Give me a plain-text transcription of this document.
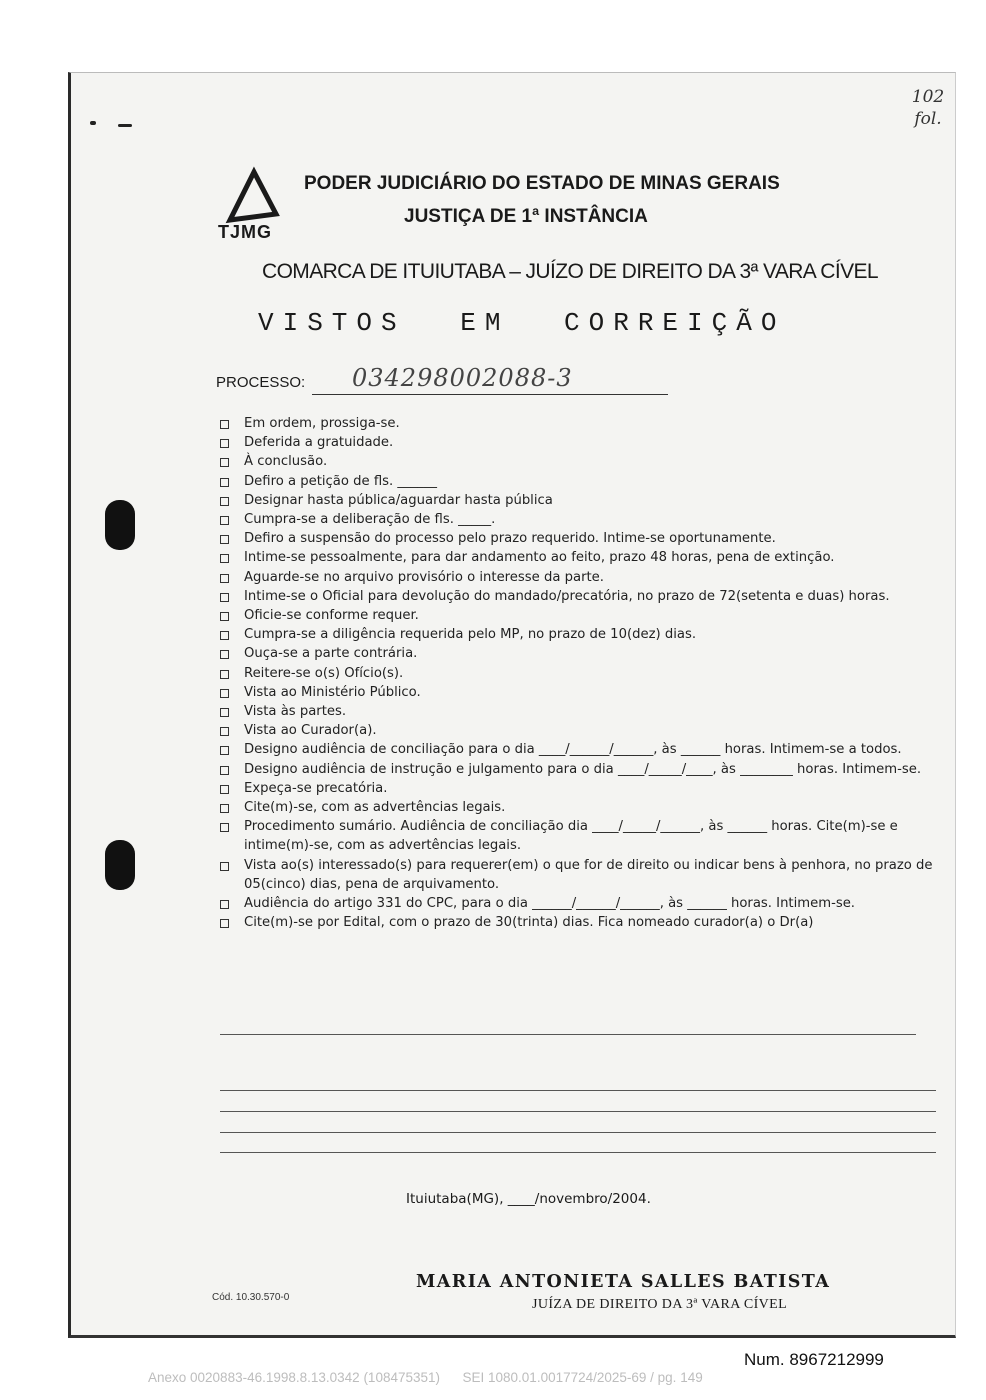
102
fol.
TJMG
PODER JUDICIÁRIO DO ESTADO DE MINAS GERAIS
JUSTIÇA DE 1ª INSTÂNCIA
COMARCA DE ITUIUTABA – JUÍZO DE DIREITO DA 3ª VARA CÍVEL
VISTOS EM CORREIÇÃO
PROCESSO: 034298002088-3
Em ordem, prossiga-se.
Deferida a gratuidade.
À conclusão.
Defiro a petição de fls. ______
Designar hasta pública/aguardar hasta pública
Cumpra-se a deliberação de fls. _____.
Defiro a suspensão do processo pelo prazo requerido. Intime-se oportunamente.
Intime-se pessoalmente, para dar andamento ao feito, prazo 48 horas, pena de extinção.
Aguarde-se no arquivo provisório o interesse da parte.
Intime-se o Oficial para devolução do mandado/precatória, no prazo de 72(setenta e duas) horas.
Oficie-se conforme requer.
Cumpra-se a diligência requerida pelo MP, no prazo de 10(dez) dias.
Ouça-se a parte contrária.
Reitere-se o(s) Ofício(s).
Vista ao Ministério Público.
Vista às partes.
Vista ao Curador(a).
Designo audiência de conciliação para o dia ____/______/______, às ______ horas. Intimem-se a todos.
Designo audiência de instrução e julgamento para o dia ____/_____/____, às ________ horas. Intimem-se.
Expeça-se precatória.
Cite(m)-se, com as advertências legais.
Procedimento sumário. Audiência de conciliação dia ____/_____/______, às ______ horas. Cite(m)-se e intime(m)-se, com as advertências legais.
Vista ao(s) interessado(s) para requerer(em) o que for de direito ou indicar bens à penhora, no prazo de 05(cinco) dias, pena de arquivamento.
Audiência do artigo 331 do CPC, para o dia ______/______/______, às ______ horas. Intimem-se.
Cite(m)-se por Edital, com o prazo de 30(trinta) dias. Fica nomeado curador(a) o Dr(a)
Ituiutaba(MG), ____/novembro/2004.
MARIA ANTONIETA SALLES BATISTA
JUÍZA DE DIREITO DA 3ª VARA CÍVEL
Cód. 10.30.570-0
Num. 8967212999
Anexo 0020883-46.1998.8.13.0342 (108475351)      SEI 1080.01.0017724/2025-69 / pg. 149
